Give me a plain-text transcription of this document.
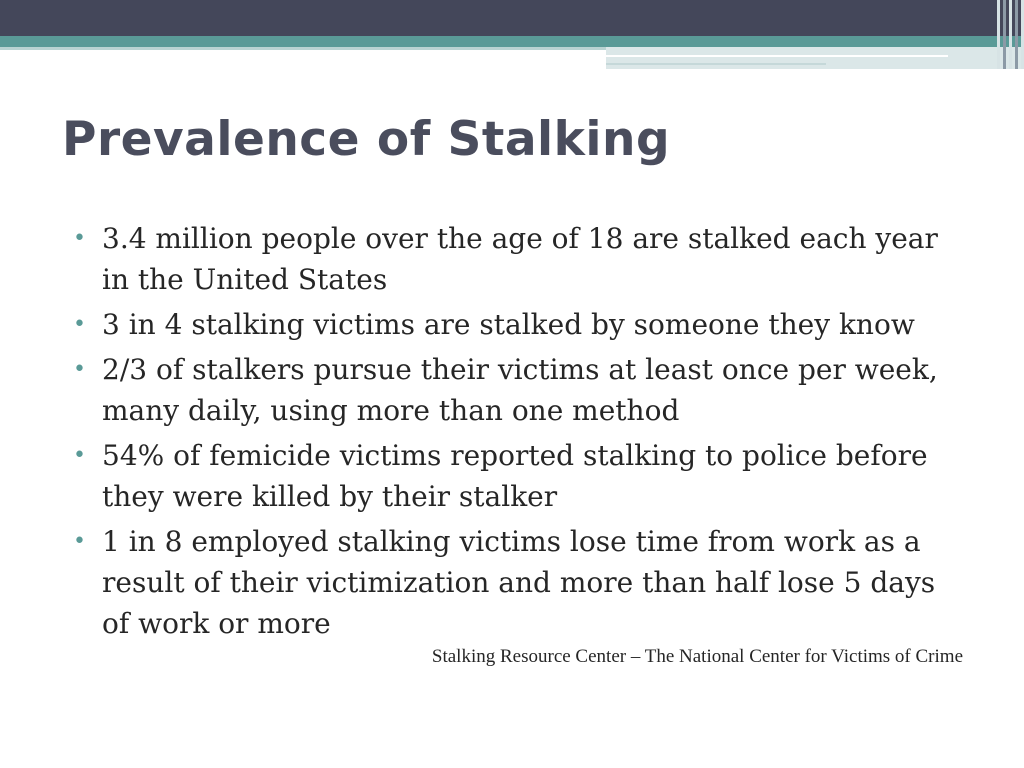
Prevalence of Stalking
• 3.4 million people over the age of 18 are stalked each year in the United States
• 3 in 4 stalking victims are stalked by someone they know
• 2/3 of stalkers pursue their victims at least once per week, many daily, using more than one method
• 54% of femicide victims reported stalking to police before they were killed by their stalker
• 1 in 8 employed stalking victims lose time from work as a result of their victimization and more than half lose 5 days of work or more
Stalking Resource Center – The National Center for Victims of Crime
